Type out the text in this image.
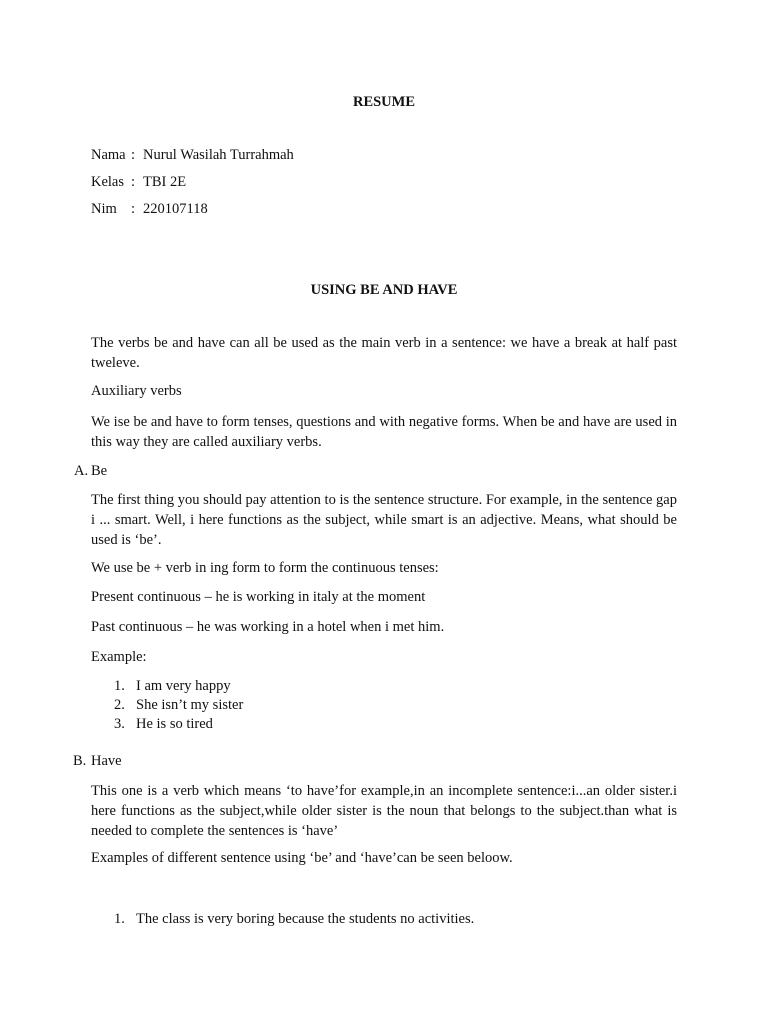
RESUME
Nama : Nurul Wasilah Turrahmah
Kelas : TBI 2E
Nim : 220107118
USING BE AND HAVE

The verbs be and have can all be used as the main verb in a sentence: we have a break at half past tweleve.

Auxiliary verbs

We ise be and have to form tenses, questions and with negative forms. When be and have are used in this way they are called auxiliary verbs.

A. Be

The first thing you should pay attention to is the sentence structure. For example, in the sentence gap i ... smart. Well, i here functions as the subject, while smart is an adjective. Means, what should be used is ‘be’.

We use be + verb in ing form to form the continuous tenses:
Present continuous – he is working in italy at the moment
Past continuous – he was working in a hotel when i met him.
Example:
1. I am very happy
2. She isn’t my sister
3. He is so tired
B. Have

This one is a verb which means ‘to have’for example,in an incomplete sentence:i...an older sister.i here functions as the subject,while older sister is the noun that belongs to the subject.than what is needed to complete the sentences is ‘have’

Examples of different sentence using ‘be’ and ‘have’can be seen beloow.
1. The class is very boring because the students no activities.
